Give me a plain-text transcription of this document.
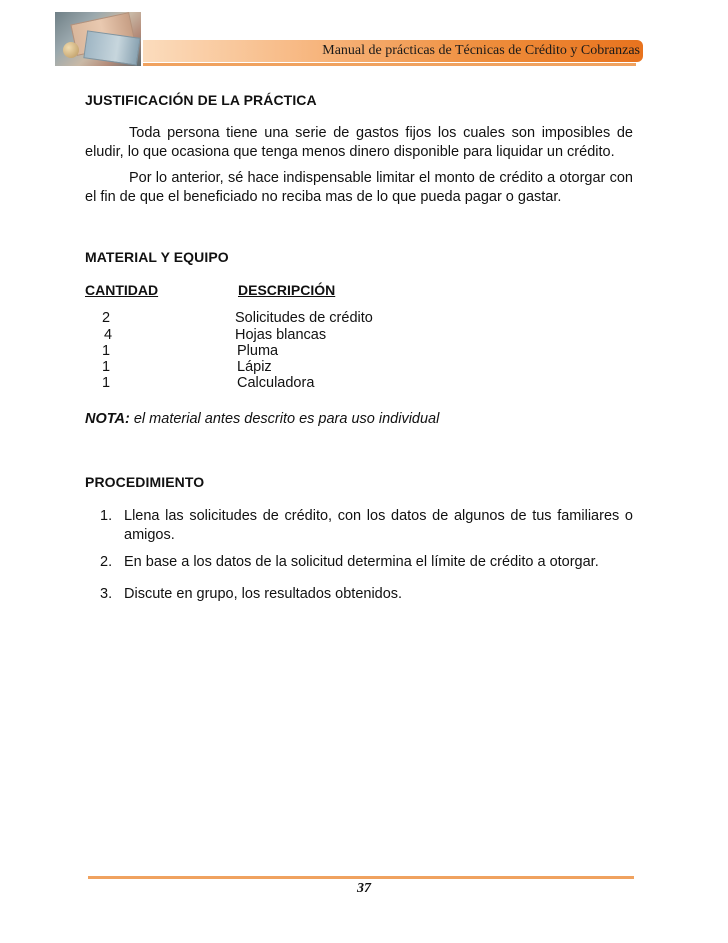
Manual de prácticas de Técnicas de Crédito y Cobranzas
JUSTIFICACIÓN DE LA PRÁCTICA
Toda persona tiene una serie de gastos fijos los cuales son imposibles de eludir, lo que ocasiona que tenga menos dinero disponible para liquidar un crédito.
Por lo anterior, sé hace indispensable limitar el monto de crédito a otorgar con el fin de que el beneficiado no reciba mas de lo que pueda pagar o gastar.
MATERIAL Y EQUIPO
CANTIDAD	DESCRIPCIÓN
2	Solicitudes de crédito
4	Hojas blancas
1	Pluma
1	Lápiz
1	Calculadora
NOTA: el material antes descrito es para uso individual
PROCEDIMIENTO
1. Llena las solicitudes de crédito, con los datos de algunos de tus familiares o amigos.
2. En base a los datos de la solicitud determina el límite de crédito a otorgar.
3. Discute en grupo, los resultados obtenidos.
37
